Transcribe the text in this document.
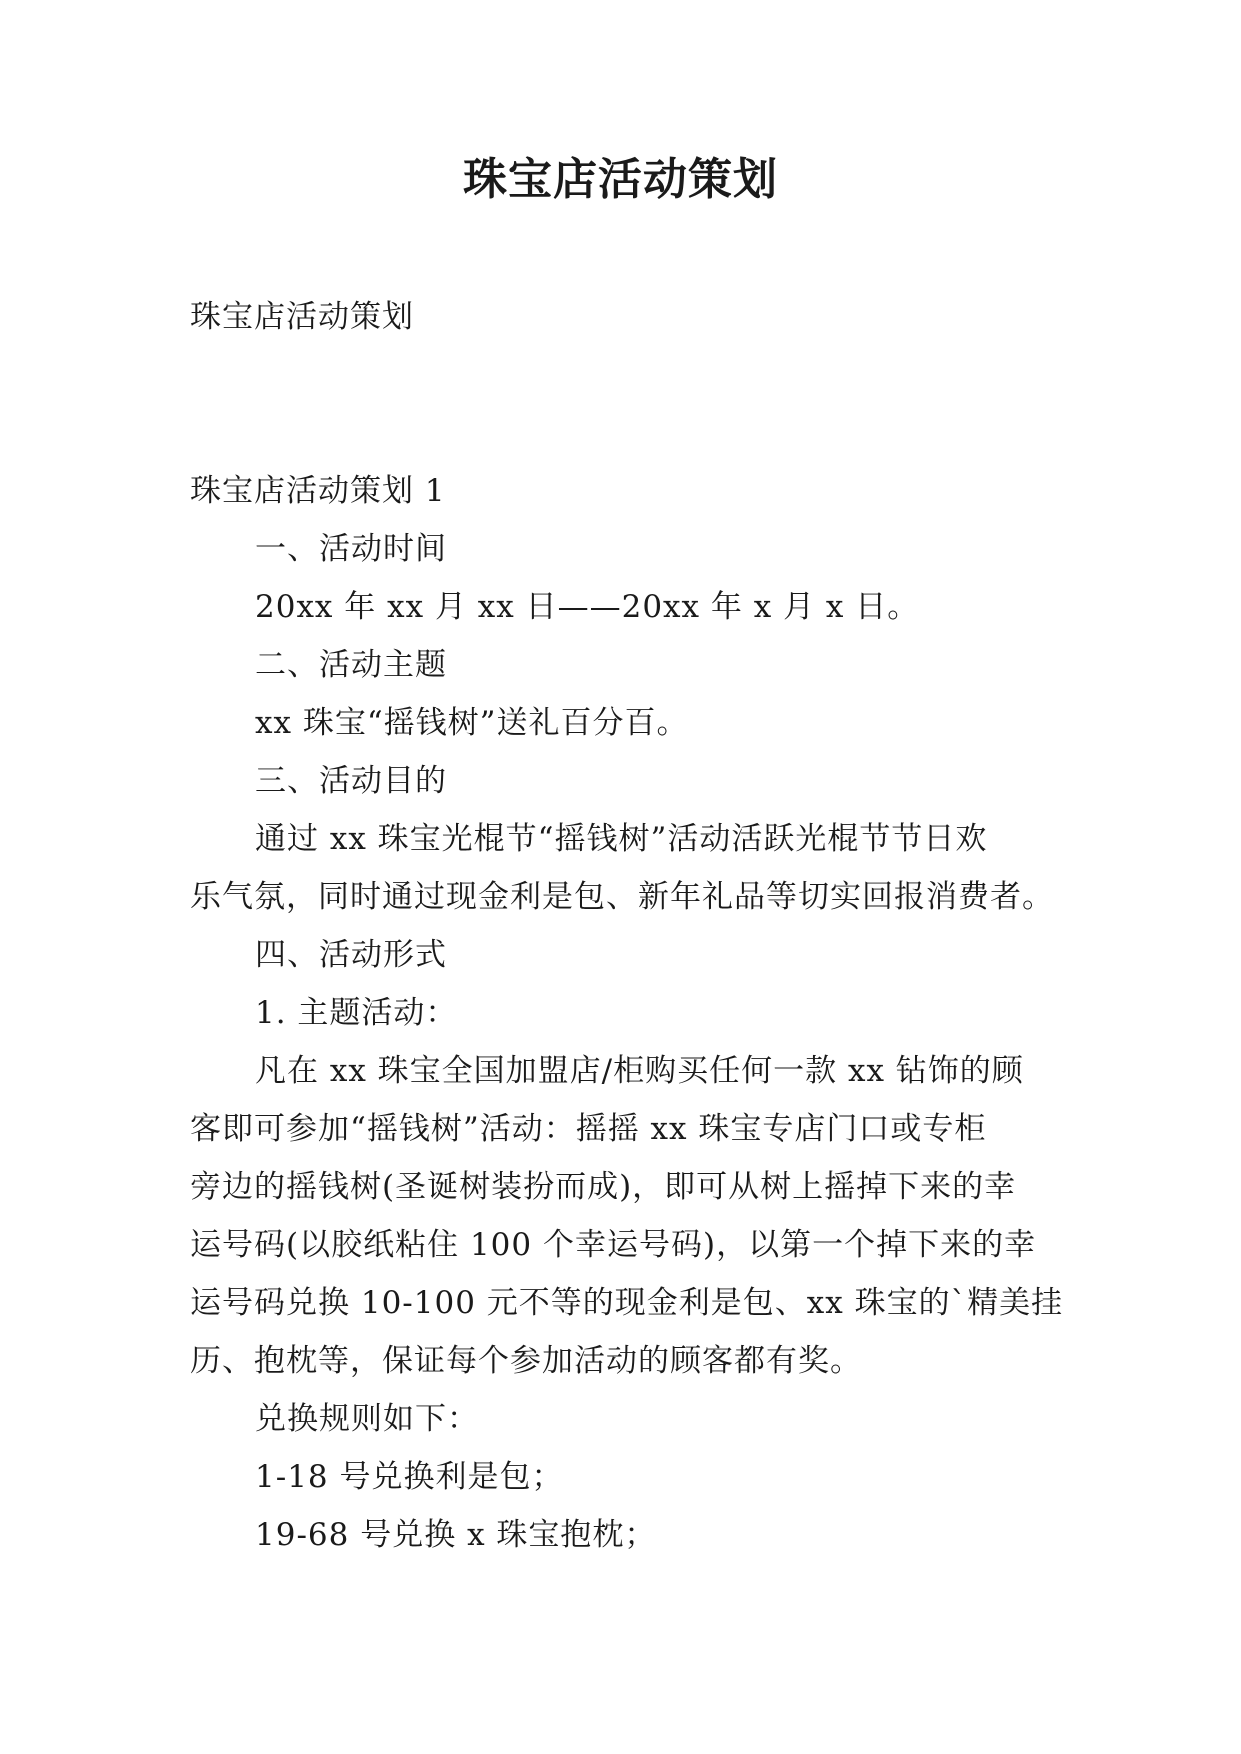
珠宝店活动策划
珠宝店活动策划
珠宝店活动策划 1
一、活动时间
20xx 年 xx 月 xx 日——20xx 年 x 月 x 日。
二、活动主题
xx 珠宝“摇钱树”送礼百分百。
三、活动目的
通过 xx 珠宝光棍节“摇钱树”活动活跃光棍节节日欢
乐气氛，同时通过现金利是包、新年礼品等切实回报消费者。
四、活动形式
1. 主题活动：
凡在 xx 珠宝全国加盟店/柜购买任何一款 xx 钻饰的顾
客即可参加“摇钱树”活动：摇摇 xx 珠宝专店门口或专柜
旁边的摇钱树(圣诞树装扮而成)，即可从树上摇掉下来的幸
运号码(以胶纸粘住 100 个幸运号码)，以第一个掉下来的幸
运号码兑换 10-100 元不等的现金利是包、xx 珠宝的`精美挂
历、抱枕等，保证每个参加活动的顾客都有奖。
兑换规则如下：
1-18 号兑换利是包；
19-68 号兑换 x 珠宝抱枕；
